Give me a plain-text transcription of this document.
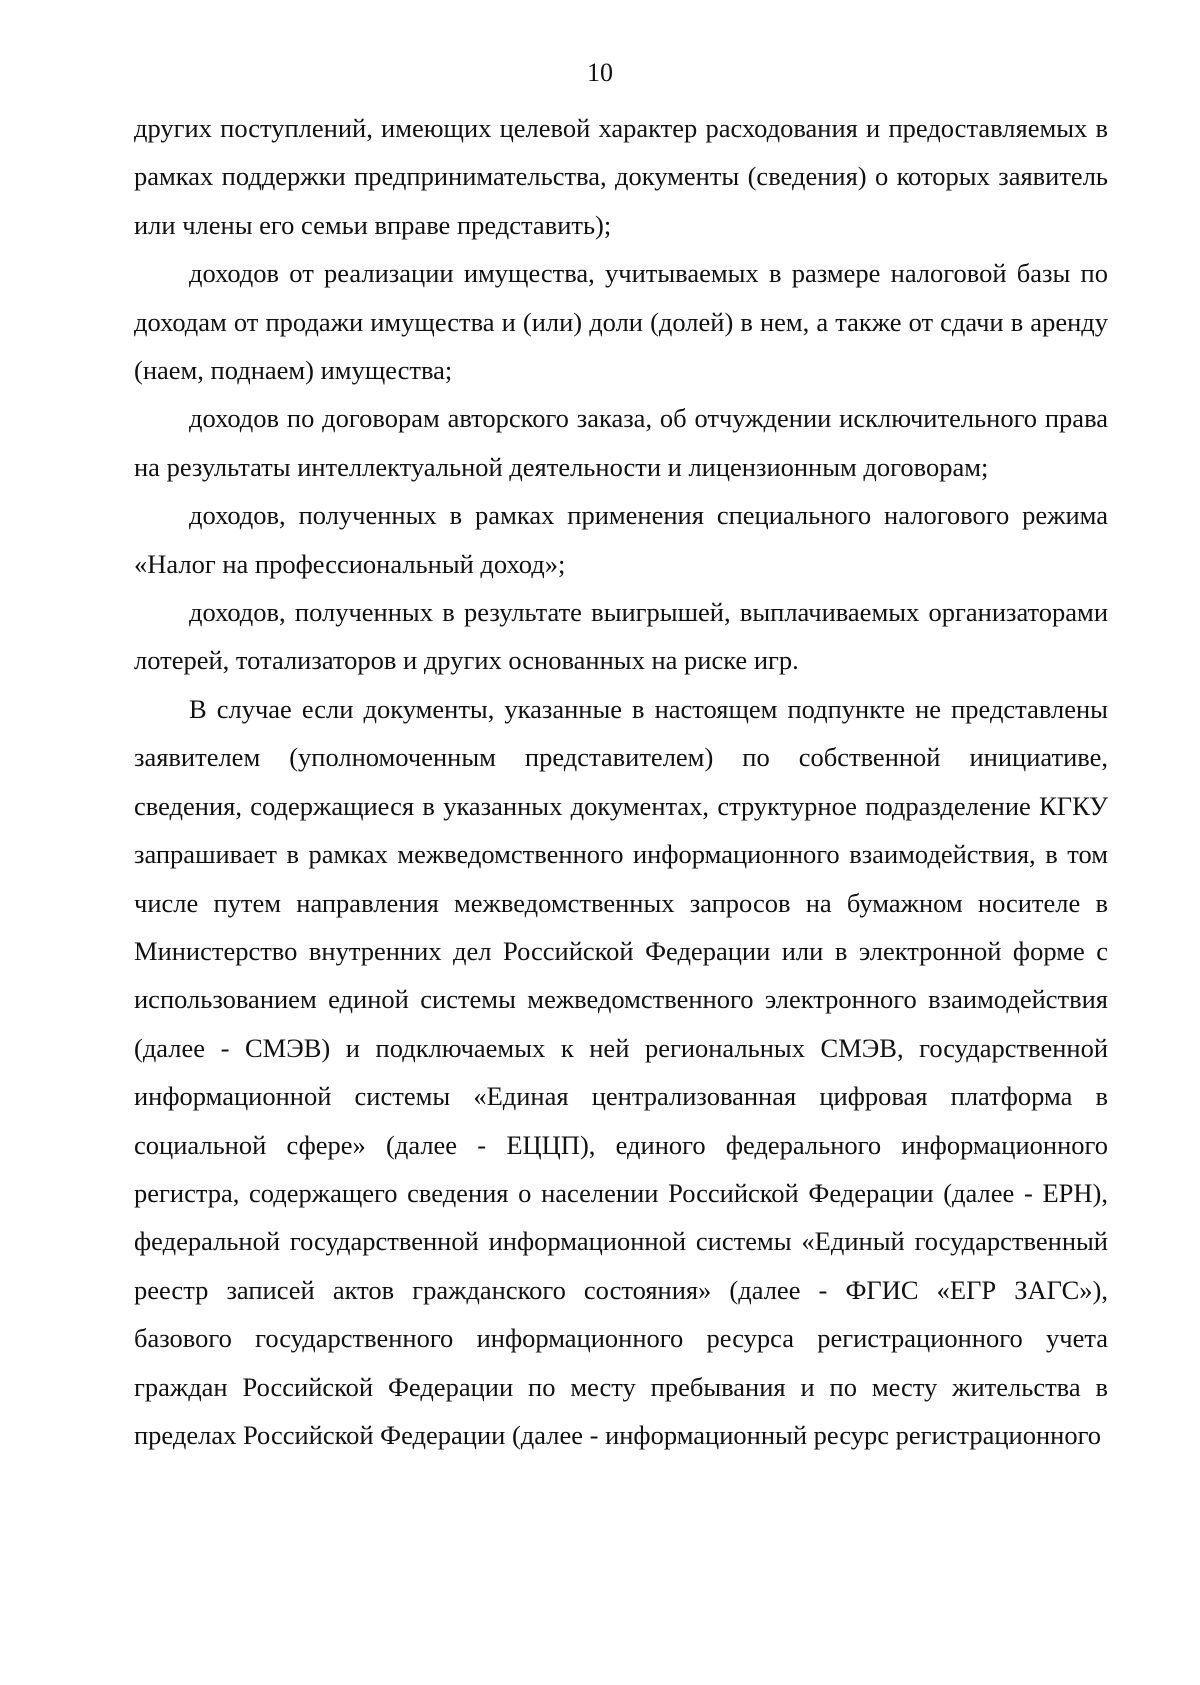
10

других поступлений, имеющих целевой характер расходования и предоставляемых в рамках поддержки предпринимательства, документы (сведения) о которых заявитель или члены его семьи вправе представить);

доходов от реализации имущества, учитываемых в размере налоговой базы по доходам от продажи имущества и (или) доли (долей) в нем, а также от сдачи в аренду (наем, поднаем) имущества;

доходов по договорам авторского заказа, об отчуждении исключительного права на результаты интеллектуальной деятельности и лицензионным договорам;

доходов, полученных в рамках применения специального налогового режима «Налог на профессиональный доход»;

доходов, полученных в результате выигрышей, выплачиваемых организаторами лотерей, тотализаторов и других основанных на риске игр.

В случае если документы, указанные в настоящем подпункте не представлены заявителем (уполномоченным представителем) по собственной инициативе, сведения, содержащиеся в указанных документах, структурное подразделение КГКУ запрашивает в рамках межведомственного информационного взаимодействия, в том числе путем направления межведомственных запросов на бумажном носителе в Министерство внутренних дел Российской Федерации или в электронной форме с использованием единой системы межведомственного электронного взаимодействия (далее - СМЭВ) и подключаемых к ней региональных СМЭВ, государственной информационной системы «Единая централизованная цифровая платформа в социальной сфере» (далее - ЕЦЦП), единого федерального информационного регистра, содержащего сведения о населении Российской Федерации (далее - ЕРН), федеральной государственной информационной системы «Единый государственный реестр записей актов гражданского состояния» (далее - ФГИС «ЕГР ЗАГС»), базового государственного информационного ресурса регистрационного учета граждан Российской Федерации по месту пребывания и по месту жительства в пределах Российской Федерации (далее - информационный ресурс регистрационного
